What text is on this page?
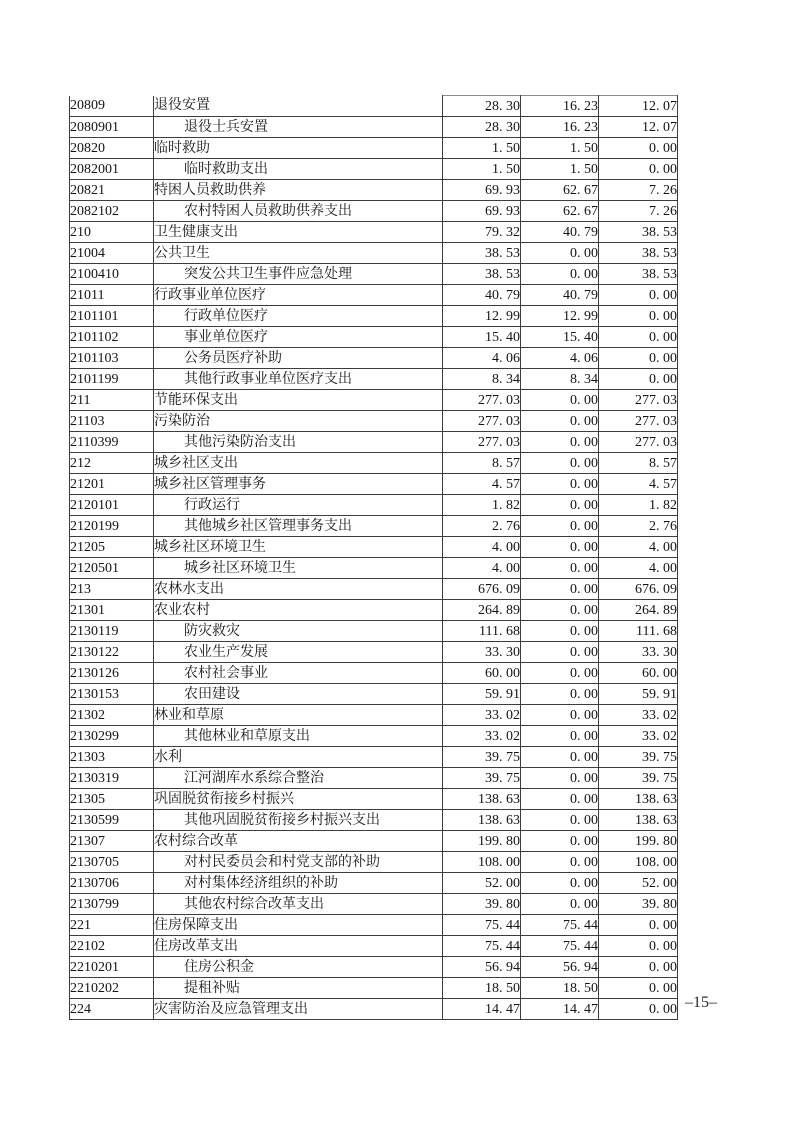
20809	退役安置	28. 30	16. 23	12. 07
2080901	退役士兵安置	28. 30	16. 23	12. 07
20820	临时救助	1. 50	1. 50	0. 00
2082001	临时救助支出	1. 50	1. 50	0. 00
20821	特困人员救助供养	69. 93	62. 67	7. 26
2082102	农村特困人员救助供养支出	69. 93	62. 67	7. 26
210	卫生健康支出	79. 32	40. 79	38. 53
21004	公共卫生	38. 53	0. 00	38. 53
2100410	突发公共卫生事件应急处理	38. 53	0. 00	38. 53
21011	行政事业单位医疗	40. 79	40. 79	0. 00
2101101	行政单位医疗	12. 99	12. 99	0. 00
2101102	事业单位医疗	15. 40	15. 40	0. 00
2101103	公务员医疗补助	4. 06	4. 06	0. 00
2101199	其他行政事业单位医疗支出	8. 34	8. 34	0. 00
211	节能环保支出	277. 03	0. 00	277. 03
21103	污染防治	277. 03	0. 00	277. 03
2110399	其他污染防治支出	277. 03	0. 00	277. 03
212	城乡社区支出	8. 57	0. 00	8. 57
21201	城乡社区管理事务	4. 57	0. 00	4. 57
2120101	行政运行	1. 82	0. 00	1. 82
2120199	其他城乡社区管理事务支出	2. 76	0. 00	2. 76
21205	城乡社区环境卫生	4. 00	0. 00	4. 00
2120501	城乡社区环境卫生	4. 00	0. 00	4. 00
213	农林水支出	676. 09	0. 00	676. 09
21301	农业农村	264. 89	0. 00	264. 89
2130119	防灾救灾	111. 68	0. 00	111. 68
2130122	农业生产发展	33. 30	0. 00	33. 30
2130126	农村社会事业	60. 00	0. 00	60. 00
2130153	农田建设	59. 91	0. 00	59. 91
21302	林业和草原	33. 02	0. 00	33. 02
2130299	其他林业和草原支出	33. 02	0. 00	33. 02
21303	水利	39. 75	0. 00	39. 75
2130319	江河湖库水系综合整治	39. 75	0. 00	39. 75
21305	巩固脱贫衔接乡村振兴	138. 63	0. 00	138. 63
2130599	其他巩固脱贫衔接乡村振兴支出	138. 63	0. 00	138. 63
21307	农村综合改革	199. 80	0. 00	199. 80
2130705	对村民委员会和村党支部的补助	108. 00	0. 00	108. 00
2130706	对村集体经济组织的补助	52. 00	0. 00	52. 00
2130799	其他农村综合改革支出	39. 80	0. 00	39. 80
221	住房保障支出	75. 44	75. 44	0. 00
22102	住房改革支出	75. 44	75. 44	0. 00
2210201	住房公积金	56. 94	56. 94	0. 00
2210202	提租补贴	18. 50	18. 50	0. 00
224	灾害防治及应急管理支出	14. 47	14. 47	0. 00 –15–
